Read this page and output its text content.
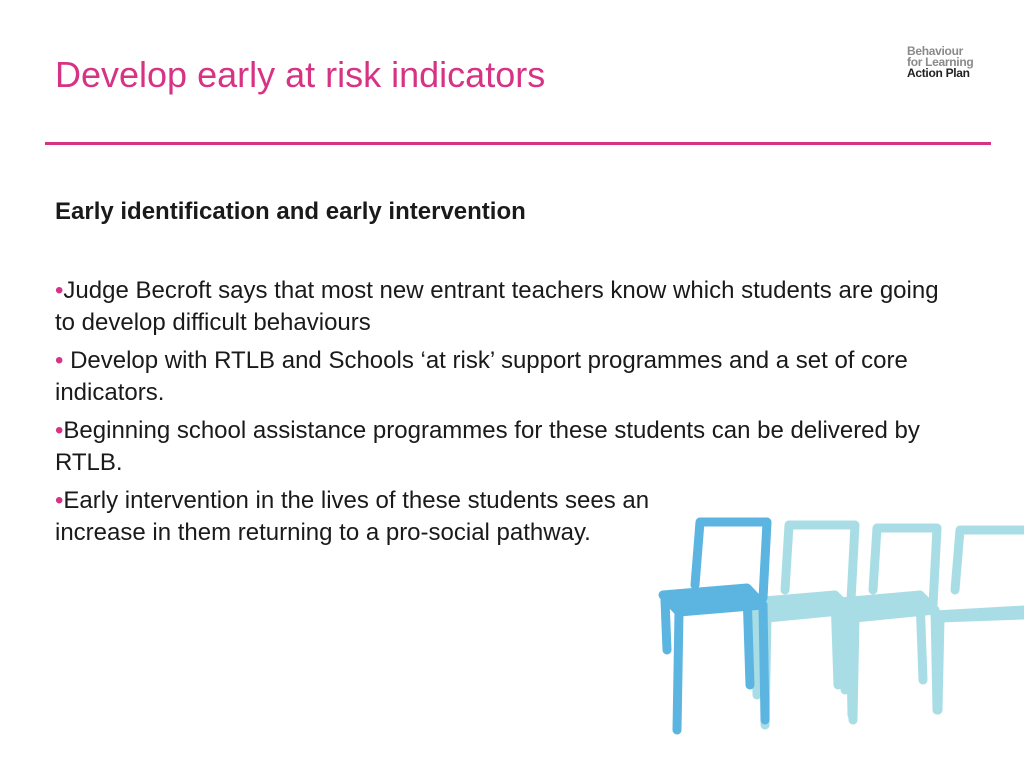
Develop early at risk indicators
Behaviour
for Learning
Action Plan

Early identification and early intervention

•Judge Becroft says that most new entrant teachers know which students are going to develop difficult behaviours
• Develop with RTLB and Schools ‘at risk’ support programmes and a set of core indicators.
•Beginning school assistance programmes for these students can be delivered by RTLB.
•Early intervention in the lives of these students sees an increase in them returning to a pro-social pathway.
